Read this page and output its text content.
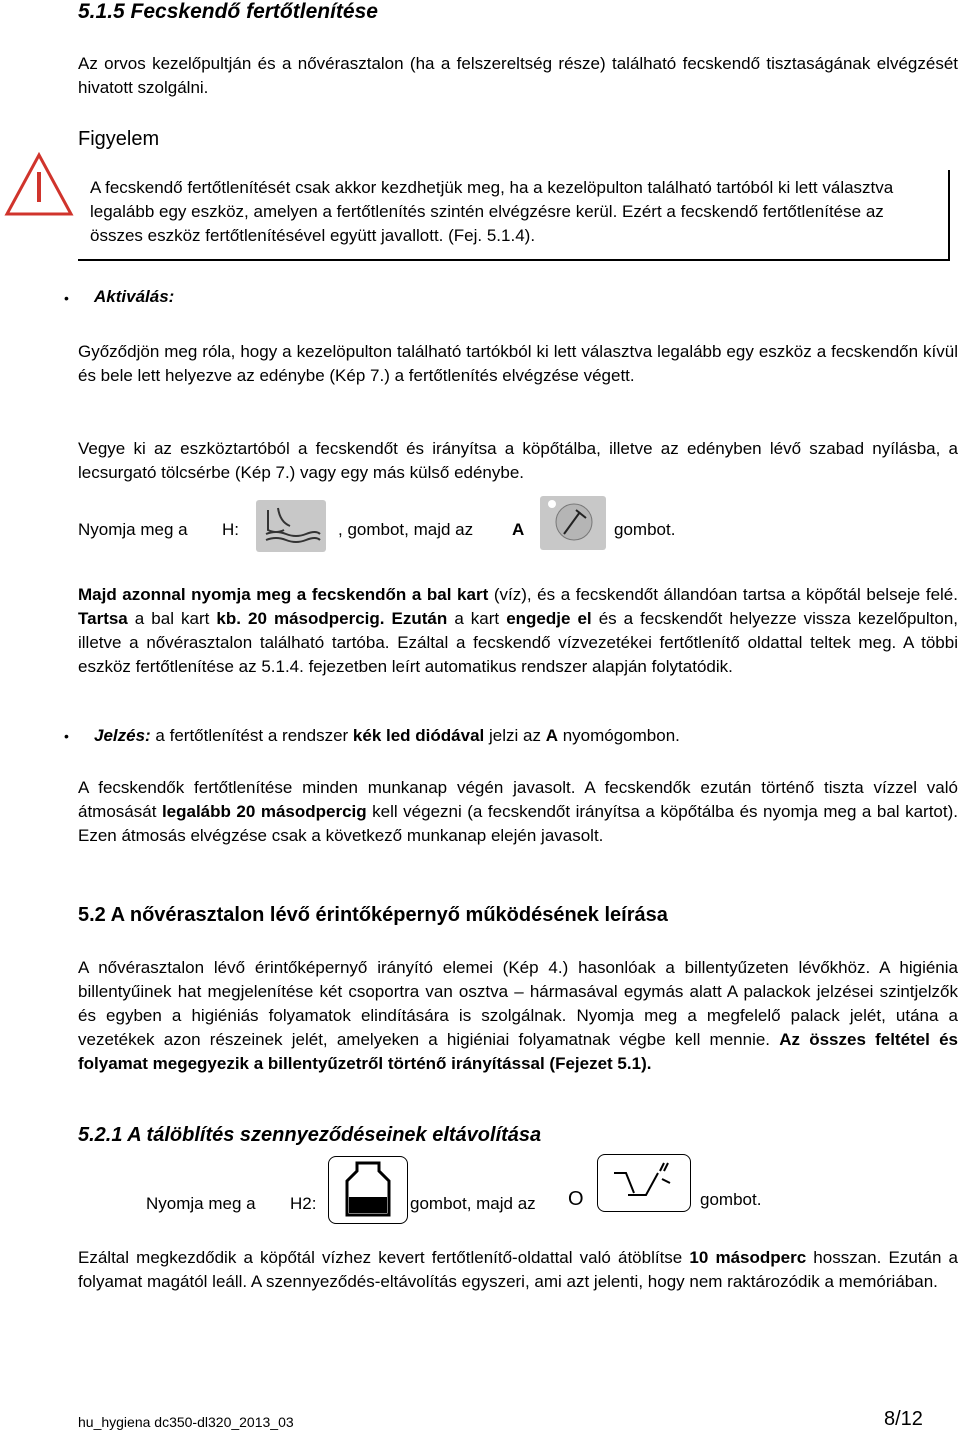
5.1.5 Fecskendő fertőtlenítése
Az orvos kezelőpultján és a nővérasztalon (ha a felszereltség része) található fecskendő tisztaságának elvégzését hivatott szolgálni.
Figyelem
A fecskendő fertőtlenítését csak akkor kezdhetjük meg, ha a kezelöpulton található tartóból ki lett választva legalább egy eszköz, amelyen a fertőtlenítés szintén elvégzésre kerül. Ezért a fecskendő fertőtlenítése az összes eszköz fertőtlenítésével együtt javallott. (Fej. 5.1.4).
• Aktiválás:
Győződjön meg róla, hogy a kezelöpulton található tartókból ki lett választva legalább egy eszköz a fecskendőn kívül és bele lett helyezve az edénybe (Kép 7.) a fertőtlenítés elvégzése végett.
Vegye ki az eszköztartóból a fecskendőt és irányítsa a köpőtálba, illetve az edényben lévő szabad nyílásba, a lecsurgató tölcsérbe (Kép 7.) vagy egy más külső edénybe.
Nyomja meg a H:	, gombot, majd az A	gombot.
Majd azonnal nyomja meg a fecskendőn a bal kart (víz), és a fecskendőt állandóan tartsa a köpőtál belseje felé. Tartsa a bal kart kb. 20 másodpercig. Ezután a kart engedje el és a fecskendőt helyezze vissza kezelőpulton, illetve a nővérasztalon található tartóba. Ezáltal a fecskendő vízvezetékei fertőtlenítő oldattal teltek meg. A többi eszköz fertőtlenítése az 5.1.4. fejezetben leírt automatikus rendszer alapján folytatódik.
• Jelzés: a fertőtlenítést a rendszer kék led diódával jelzi az A nyomógombon.
A fecskendők fertőtlenítése minden munkanap végén javasolt. A fecskendők ezután történő tiszta vízzel való átmosását legalább 20 másodpercig kell végezni (a fecskendőt irányítsa a köpőtálba és nyomja meg a bal kartot). Ezen átmosás elvégzése csak a következő munkanap elején javasolt.
5.2 A nővérasztalon lévő érintőképernyő működésének leírása
A nővérasztalon lévő érintőképernyő irányító elemei (Kép 4.) hasonlóak a billentyűzeten lévőkhöz. A higiénia billentyűinek hat megjelenítése két csoportra van osztva – hármasával egymás alatt A palackok jelzései szintjelzők és egyben a higiéniás folyamatok elindítására is szolgálnak. Nyomja meg a megfelelő palack jelét, utána a vezetékek azon részeinek jelét, amelyeken a higiéniai folyamatnak végbe kell mennie. Az összes feltétel és folyamat megegyezik a billentyűzetről történő irányítással (Fejezet 5.1).
5.2.1 A tálöblítés szennyeződéseinek eltávolítása
Nyomja meg a H2:	gombot, majd az O	gombot.
Ezáltal megkezdődik a köpőtál vízhez kevert fertőtlenítő-oldattal való átöblítse 10 másodperc hosszan. Ezután a folyamat magától leáll. A szennyeződés-eltávolítás egyszeri, ami azt jelenti, hogy nem raktározódik a memóriában.
hu_hygiena dc350-dl320_2013_03	8/12
